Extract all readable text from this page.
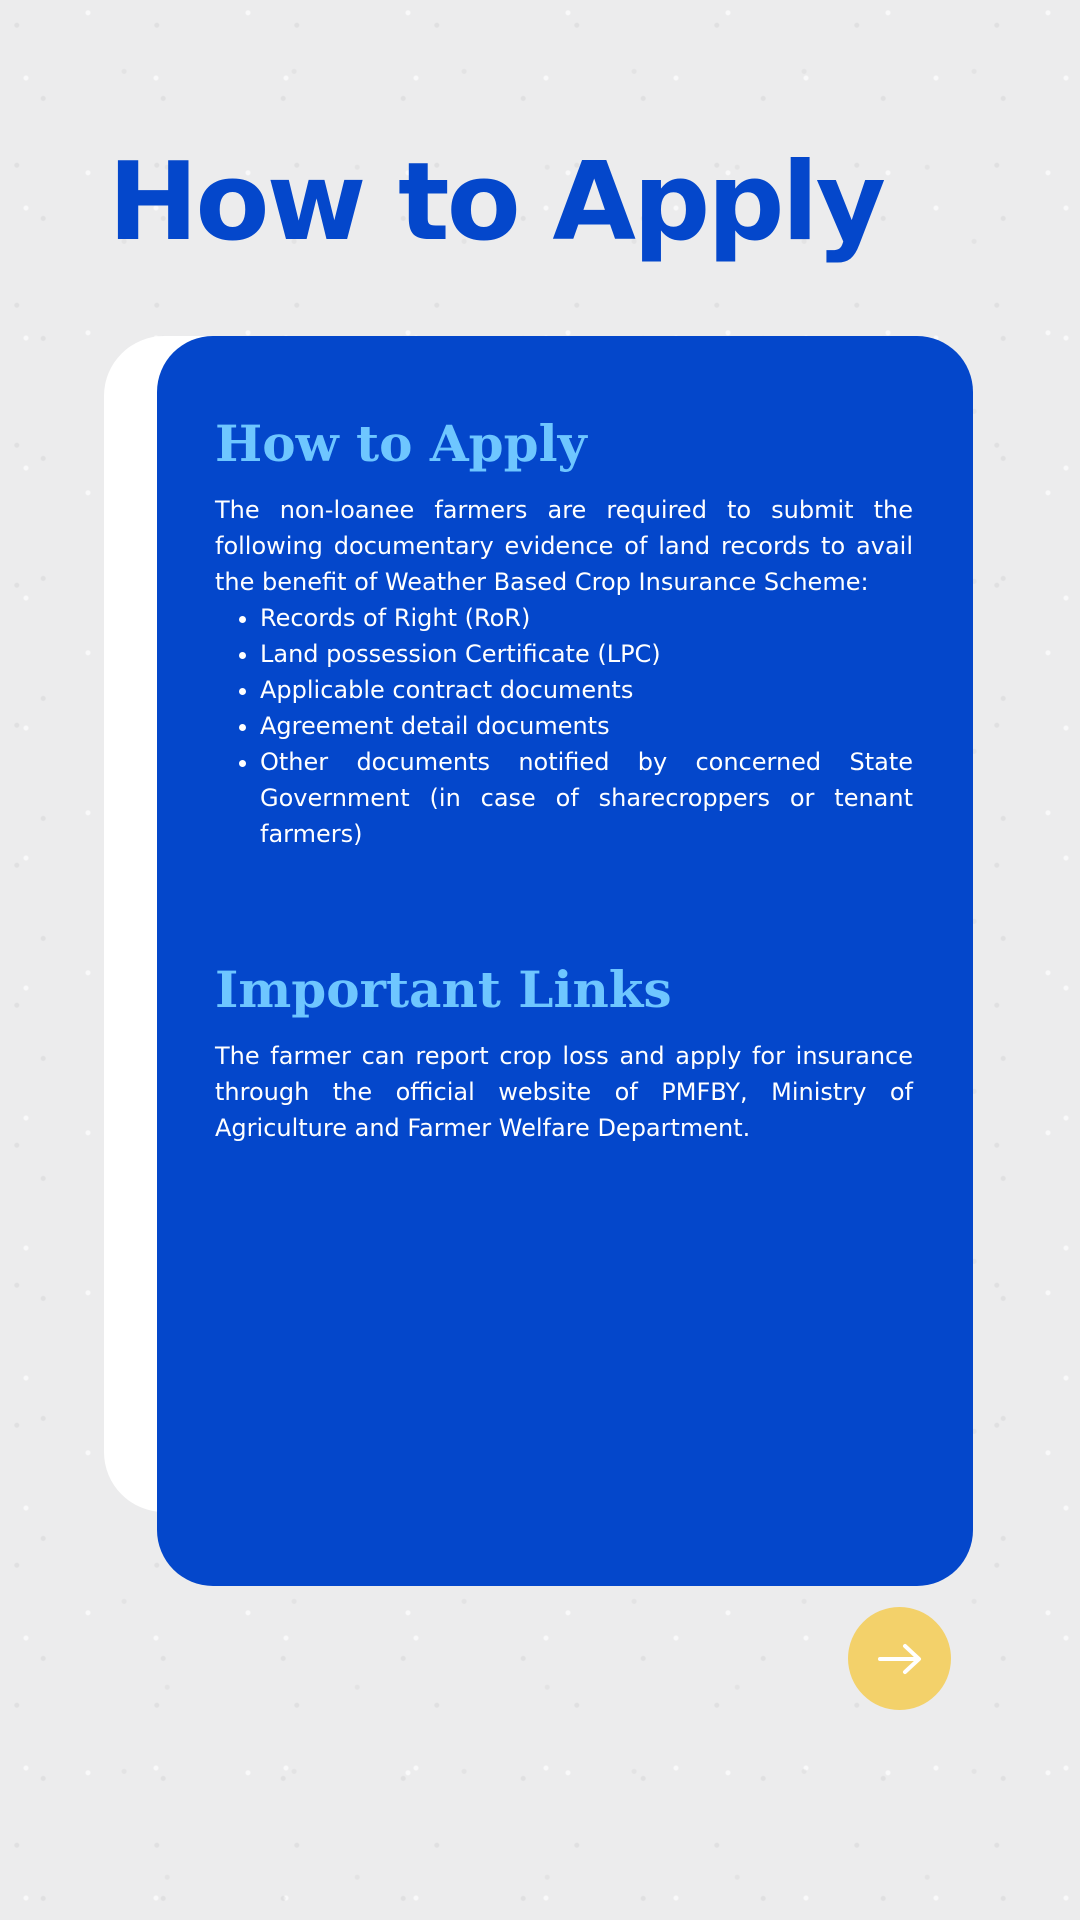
How to Apply
How to Apply

The non-loanee farmers are required to submit the following documentary evidence of land records to avail the benefit of Weather Based Crop Insurance Scheme:

• Records of Right (RoR)
• Land possession Certificate (LPC)
• Applicable contract documents
• Agreement detail documents
• Other documents notified by concerned State Government (in case of sharecroppers or tenant farmers)
Important Links

The farmer can report crop loss and apply for insurance through the official website of PMFBY, Ministry of Agriculture and Farmer Welfare Department.
